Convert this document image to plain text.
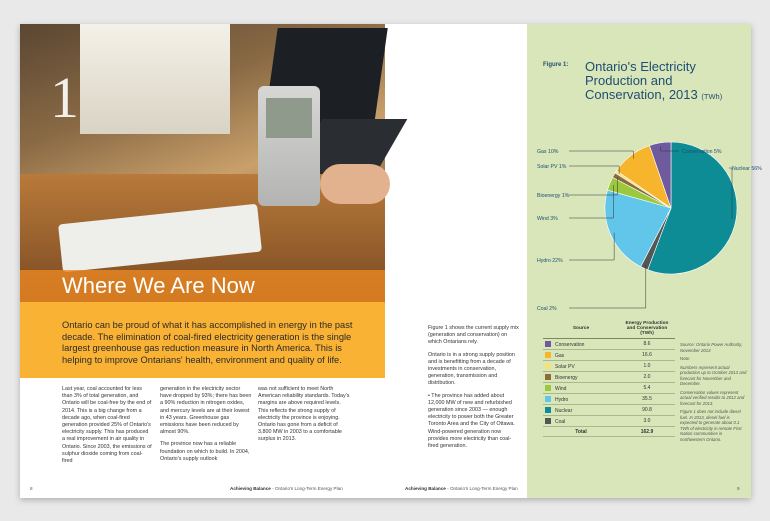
1
Where We Are Now

Ontario can be proud of what it has accomplished in energy in the past decade. The elimination of coal-fired electricity generation is the single largest greenhouse gas reduction measure in North America. This is helping to improve Ontarians' health, environment and quality of life.

Last year, coal accounted for less than 3% of total generation, and Ontario will be coal-free by the end of 2014. This is a big change from a decade ago, when coal-fired generation provided 25% of Ontario's electricity supply. This has produced a real improvement in air quality in Ontario. Since 2003, the emissions of sulphur dioxide coming from coal-fired

generation in the electricity sector have dropped by 93%; there has been a 90% reduction in nitrogen oxides, and mercury levels are at their lowest in 43 years. Greenhouse gas emissions have been reduced by almost 90%.

The province now has a reliable foundation on which to build. In 2004, Ontario's supply outlook

was not sufficient to meet North American reliability standards. Today's margins are above required levels. This reflects the strong supply of electricity the province is enjoying. Ontario has gone from a deficit of 3,800 MW in 2003 to a comfortable surplus in 2013.

Figure 1 shows the current supply mix (generation and conservation) on which Ontarians rely.

Ontario is in a strong supply position and is benefitting from a decade of investments in conservation, generation, transmission and distribution.

• The province has added about 12,000 MW of new and refurbished generation since 2003 — enough electricity to power both the Greater Toronto Area and the City of Ottawa. Wind-powered generation now provides more electricity than coal-fired generation.

8	Achieving Balance - Ontario's Long-Term Energy Plan	Achieving Balance - Ontario's Long-Term Energy Plan
Figure 1: Ontario's Electricity Production and Conservation, 2013 (TWh)
Nuclear 56%
Coal 2%
Hydro 22%
Wind 3%
Bioenergy 1%
Solar PV 1%
Gas 10%	Conservation 5%
Source	Energy Production and Conservation (TWh)
Conservation	8.6
Gas	16.6
Solar PV	1.0
Bioenergy	2.0
Wind	5.4
Hydro	35.5
Nuclear	90.8
Coal	3.0
Total	162.9

Source: Ontario Power Authority, November 2013

Note:

Numbers represent actual production up to October 2013 and forecast for November and December.

Conservation values represent actual verified results to 2012 and forecast for 2013.

Figure 1 does not include diesel fuel. In 2013, diesel fuel is expected to generate about 0.1 TWh of electricity in remote First Nation communities in northwestern Ontario.

9
